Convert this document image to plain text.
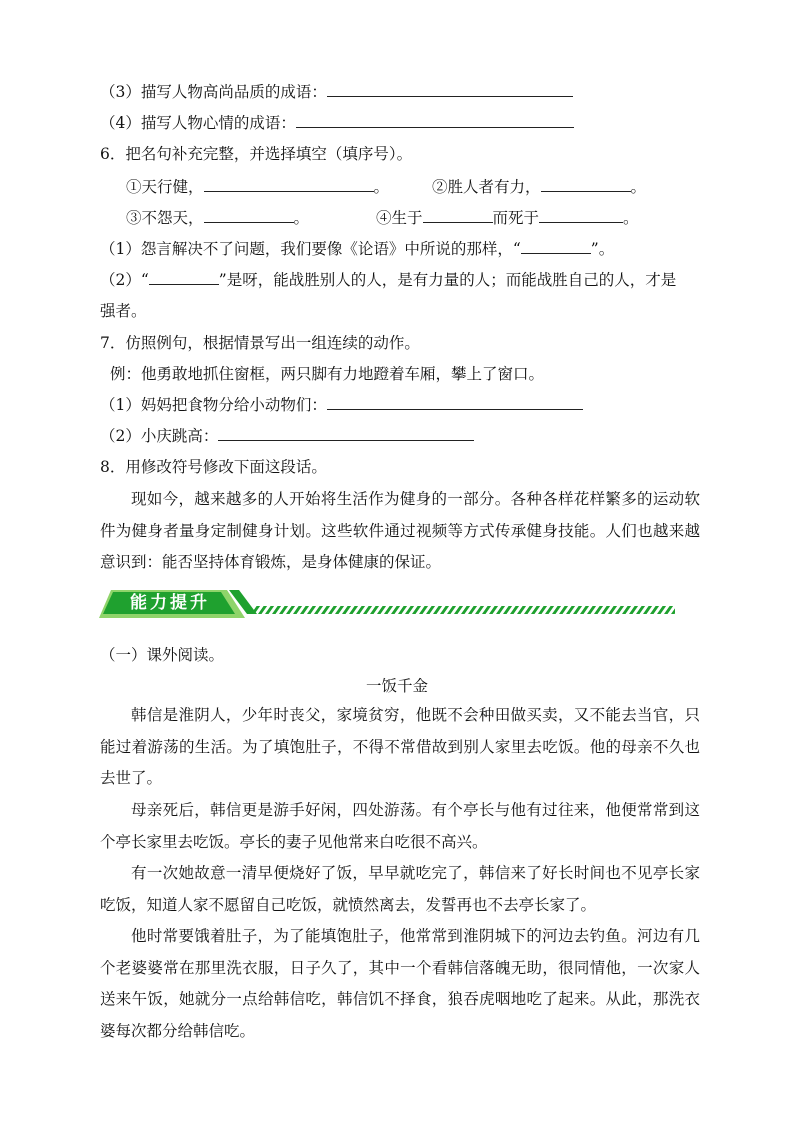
（3）描写人物高尚品质的成语：
（4）描写人物心情的成语：
6．把名句补充完整，并选择填空（填序号）。
①天行健，	。	②胜人者有力，	。
③不怨天，	。	④生于	而死于	。
（1）怨言解决不了问题，我们要像《论语》中所说的那样，“	”。
（2）“	”是呀，能战胜别人的人，是有力量的人；而能战胜自己的人，才是
强者。
7．仿照例句，根据情景写出一组连续的动作。
例：他勇敢地抓住窗框，两只脚有力地蹬着车厢，攀上了窗口。
（1）妈妈把食物分给小动物们：
（2）小庆跳高：
8．用修改符号修改下面这段话。
现如今，越来越多的人开始将生活作为健身的一部分。各种各样花样繁多的运动软件为健身者量身定制健身计划。这些软件通过视频等方式传承健身技能。人们也越来越意识到：能否坚持体育锻炼，是身体健康的保证。
能力提升
（一）课外阅读。
一饭千金
韩信是淮阴人，少年时丧父，家境贫穷，他既不会种田做买卖，又不能去当官，只能过着游荡的生活。为了填饱肚子，不得不常借故到别人家里去吃饭。他的母亲不久也去世了。
母亲死后，韩信更是游手好闲，四处游荡。有个亭长与他有过往来，他便常常到这个亭长家里去吃饭。亭长的妻子见他常来白吃很不高兴。
有一次她故意一清早便烧好了饭，早早就吃完了，韩信来了好长时间也不见亭长家吃饭，知道人家不愿留自己吃饭，就愤然离去，发誓再也不去亭长家了。
他时常要饿着肚子，为了能填饱肚子，他常常到淮阴城下的河边去钓鱼。河边有几个老婆婆常在那里洗衣服，日子久了，其中一个看韩信落魄无助，很同情他，一次家人送来午饭，她就分一点给韩信吃，韩信饥不择食，狼吞虎咽地吃了起来。从此，那洗衣婆每次都分给韩信吃。
